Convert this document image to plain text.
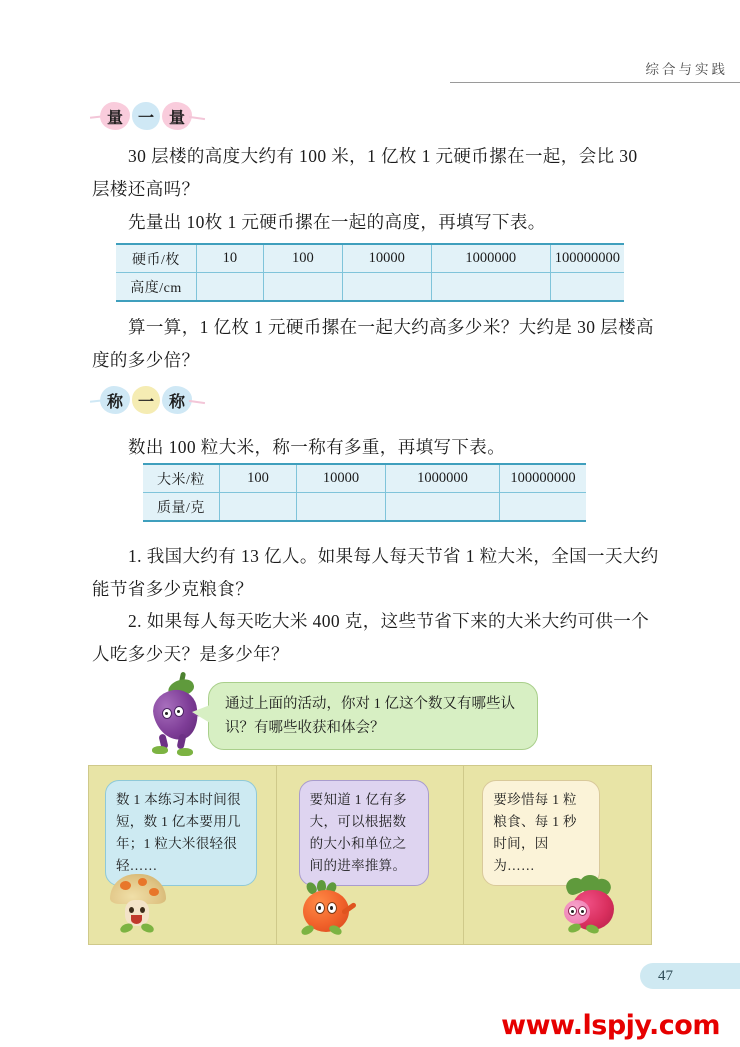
综合与实践
量 一 量
30 层楼的高度大约有 100 米，1 亿枚 1 元硬币摞在一起，会比 30 层楼还高吗？
先量出 10枚 1 元硬币摞在一起的高度，再填写下表。
硬币/枚	10	100	10000	1000000	100000000
高度/cm					
算一算，1 亿枚 1 元硬币摞在一起大约高多少米？大约是 30 层楼高度的多少倍？
称 一 称
数出 100 粒大米，称一称有多重，再填写下表。
大米/粒	100	10000	1000000	100000000
质量/克				
1. 我国大约有 13 亿人。如果每人每天节省 1 粒大米，全国一天大约能节省多少克粮食？
2. 如果每人每天吃大米 400 克，这些节省下来的大米大约可供一个人吃多少天？是多少年？
通过上面的活动，你对 1 亿这个数又有哪些认识？有哪些收获和体会？
数 1 本练习本时间很短，数 1 亿本要用几年；1 粒大米很轻很轻……
要知道 1 亿有多大，可以根据数的大小和单位之间的进率推算。
要珍惜每 1 粒粮食、每 1 秒时间，因为……
47
www.lspjy.com
